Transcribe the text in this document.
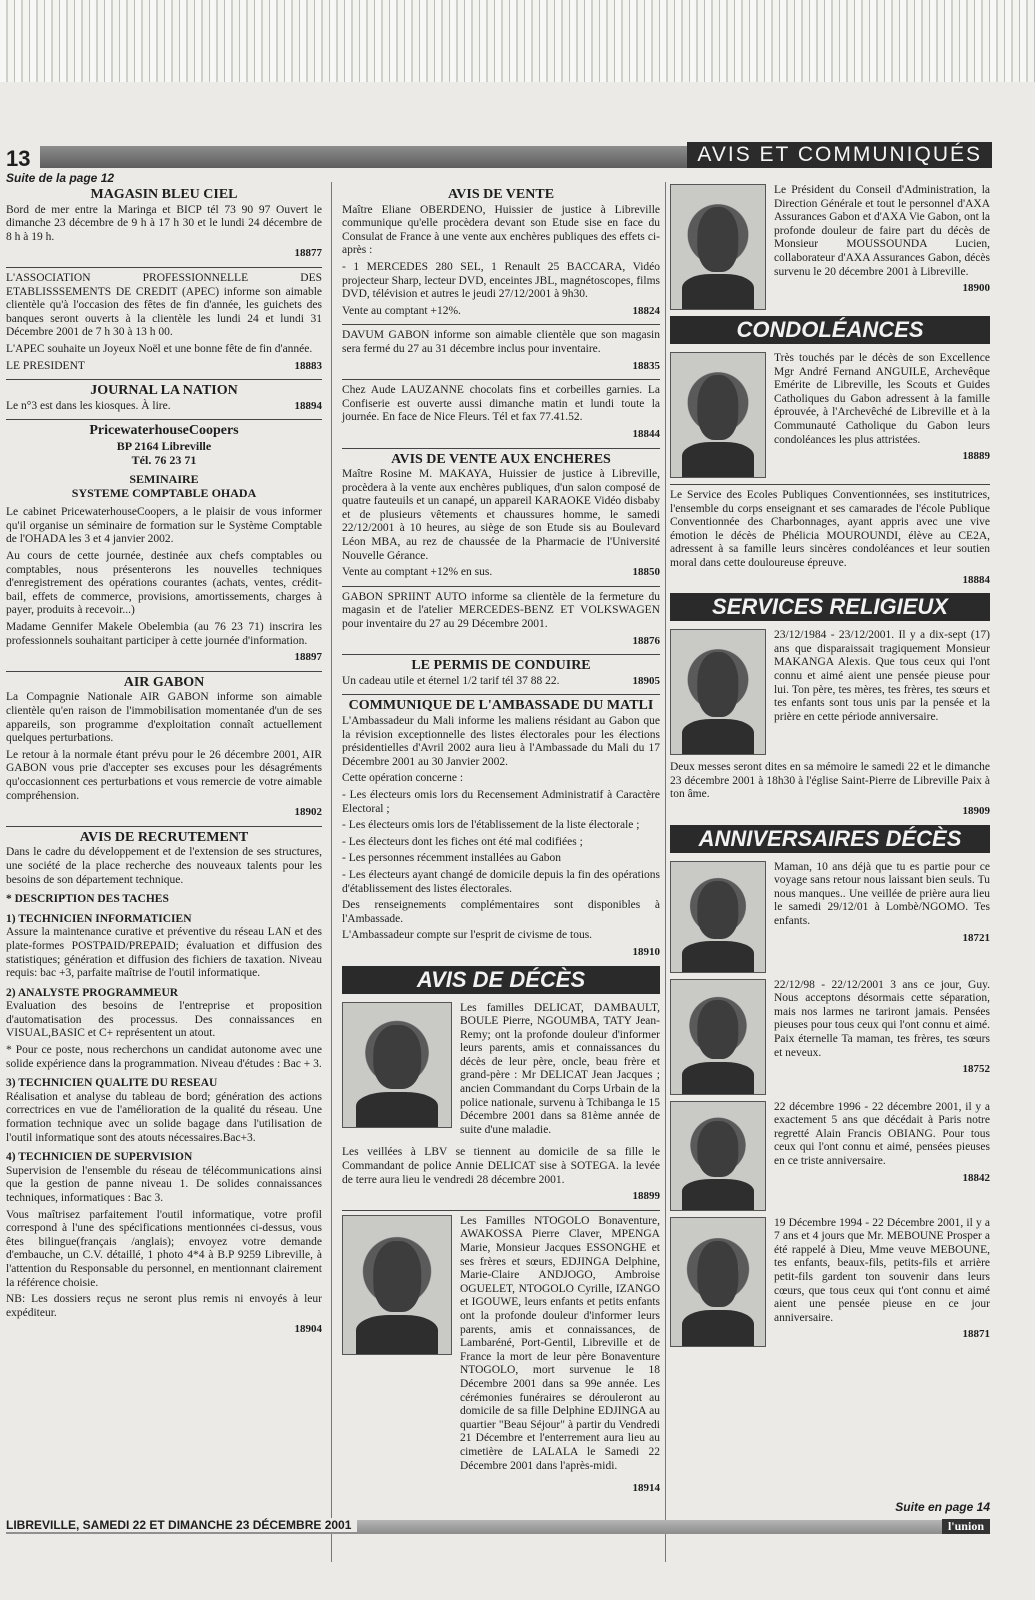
13	AVIS ET COMMUNIQUÉS
Suite de la page 12
MAGASIN BLEU CIEL

Bord de mer entre la Maringa et BICP tél 73 90 97 Ouvert le dimanche 23 décembre de 9 h à 17 h 30 et le lundi 24 décembre de 8 h à 19 h.

18877

L'ASSOCIATION PROFESSIONNELLE DES ETABLISSSEMENTS DE CREDIT (APEC) informe son aimable clientèle qu'à l'occasion des fêtes de fin d'année, les guichets des banques seront ouverts à la clientèle les lundi 24 et lundi 31 Décembre 2001 de 7 h 30 à 13 h 00.

L'APEC souhaite un Joyeux Noël et une bonne fête de fin d'année.

LE PRESIDENT	18883
JOURNAL LA NATION
Le n°3 est dans les kiosques. À lire.	18894
PricewaterhouseCoopers
BP 2164 Libreville
Tél. 76 23 71
SEMINAIRE
SYSTEME COMPTABLE OHADA

Le cabinet PricewaterhouseCoopers, a le plaisir de vous informer qu'il organise un séminaire de formation sur le Système Comptable de l'OHADA les 3 et 4 janvier 2002.

Au cours de cette journée, destinée aux chefs comptables ou comptables, nous présenterons les nouvelles techniques d'enregistrement des opérations courantes (achats, ventes, crédit-bail, effets de commerce, provisions, amortissements, charges à payer, produits à recevoir...)

Madame Gennifer Makele Obelembia (au 76 23 71) inscrira les professionnels souhaitant participer à cette journée d'information.

18897
AIR GABON

La Compagnie Nationale AIR GABON informe son aimable clientèle qu'en raison de l'immobilisation momentanée d'un de ses appareils, son programme d'exploitation connaît actuellement quelques perturbations.

Le retour à la normale étant prévu pour le 26 décembre 2001, AIR GABON vous prie d'accepter ses excuses pour les désagréments qu'occasionnent ces perturbations et vous remercie de votre aimable compréhension.

18902
AVIS DE RECRUTEMENT

Dans le cadre du développement et de l'extension de ses structures, une société de la place recherche des nouveaux talents pour les besoins de son département technique.

* DESCRIPTION DES TACHES
1) TECHNICIEN INFORMATICIEN

Assure la maintenance curative et préventive du réseau LAN et des plate-formes POSTPAID/PREPAID; évaluation et diffusion des statistiques; génération et diffusion des fichiers de taxation. Niveau requis: bac +3, parfaite maîtrise de l'outil informatique.

2) ANALYSTE PROGRAMMEUR

Evaluation des besoins de l'entreprise et proposition d'automatisation des processus. Des connaissances en VISUAL,BASIC et C+ représentent un atout.

* Pour ce poste, nous recherchons un candidat autonome avec une solide expérience dans la programmation. Niveau d'études : Bac + 3.

3) TECHNICIEN QUALITE DU RESEAU

Réalisation et analyse du tableau de bord; génération des actions correctrices en vue de l'amélioration de la qualité du réseau. Une formation technique avec un solide bagage dans l'utilisation de l'outil informatique sont des atouts nécessaires.Bac+3.

4) TECHNICIEN DE SUPERVISION

Supervision de l'ensemble du réseau de télécommunications ainsi que la gestion de panne niveau 1. De solides connaissances techniques, informatiques : Bac 3.

Vous maîtrisez parfaitement l'outil informatique, votre profil correspond à l'une des spécifications mentionnées ci-dessus, vous êtes bilingue(français /anglais); envoyez votre demande d'embauche, un C.V. détaillé, 1 photo 4*4 à B.P 9259 Libreville, à l'attention du Responsable du personnel, en mentionnant clairement la référence choisie.

NB: Les dossiers reçus ne seront plus remis ni envoyés à leur expéditeur.

18904
AVIS DE VENTE

Maître Eliane OBERDENO, Huissier de justice à Libreville communique qu'elle procèdera devant son Etude sise en face du Consulat de France à une vente aux enchères publiques des effets ci-après :

- 1 MERCEDES 280 SEL, 1 Renault 25 BACCARA, Vidéo projecteur Sharp, lecteur DVD, enceintes JBL, magnétoscopes, films DVD, télévision et autres le jeudi 27/12/2001 à 9h30.

Vente au comptant +12%.	18824

DAVUM GABON informe son aimable clientèle que son magasin sera fermé du 27 au 31 décembre inclus pour inventaire.

18835

Chez Aude LAUZANNE chocolats fins et corbeilles garnies. La Confiserie est ouverte aussi dimanche matin et lundi toute la journée. En face de Nice Fleurs. Tél et fax 77.41.52.

18844
AVIS DE VENTE AUX ENCHERES

Maître Rosine M. MAKAYA, Huissier de justice à Libreville, procèdera à la vente aux enchères publiques, d'un salon composé de quatre fauteuils et un canapé, un appareil KARAOKE Vidéo disbaby et de plusieurs vêtements et chaussures homme, le samedi 22/12/2001 à 10 heures, au siège de son Etude sis au Boulevard Léon MBA, au rez de chaussée de la Pharmacie de l'Université Nouvelle Gérance.

Vente au comptant +12% en sus.	18850

GABON SPRIINT AUTO informe sa clientèle de la fermeture du magasin et de l'atelier MERCEDES-BENZ ET VOLKSWAGEN pour inventaire du 27 au 29 Décembre 2001.

18876
LE PERMIS DE CONDUIRE
Un cadeau utile et éternel 1/2 tarif tél 37 88 22.	18905
COMMUNIQUE DE L'AMBASSADE DU MATLI

L'Ambassadeur du Mali informe les maliens résidant au Gabon que la révision exceptionnelle des listes électorales pour les élections présidentielles d'Avril 2002 aura lieu à l'Ambassade du Mali du 17 Décembre 2001 au 30 Janvier 2002.

Cette opération concerne :

- Les électeurs omis lors du Recensement Administratif à Caractère Electoral ;

- Les électeurs omis lors de l'établissement de la liste électorale ;

- Les électeurs dont les fiches ont été mal codifiées ;

- Les personnes récemment installées au Gabon

- Les électeurs ayant changé de domicile depuis la fin des opérations d'établissement des listes électorales.

Des renseignements complémentaires sont disponibles à l'Ambassade.

L'Ambassadeur compte sur l'esprit de civisme de tous.

18910
AVIS DE DÉCÈS

Les familles DELICAT, DAMBAULT, BOULE Pierre, NGOUMBA, TATY Jean-Remy; ont la profonde douleur d'informer leurs parents, amis et connaissances du décès de leur père, oncle, beau frère et grand-père : Mr DELICAT Jean Jacques ; ancien Commandant du Corps Urbain de la police nationale, survenu à Tchibanga le 15 Décembre 2001 dans sa 81ème année de suite d'une maladie.

Les veillées à LBV se tiennent au domicile de sa fille le Commandant de police Annie DELICAT sise à SOTEGA. la levée de terre aura lieu le vendredi 28 décembre 2001.

18899

Les Familles NTOGOLO Bonaventure, AWAKOSSA Pierre Claver, MPENGA Marie, Monsieur Jacques ESSONGHE et ses frères et sœurs, EDJINGA Delphine, Marie-Claire ANDJOGO, Ambroise OGUELET, NTOGOLO Cyrille, IZANGO et IGOUWE, leurs enfants et petits enfants ont la profonde douleur d'informer leurs parents, amis et connaissances, de Lambaréné, Port-Gentil, Libreville et de France la mort de leur père Bonaventure NTOGOLO, mort survenue le 18 Décembre 2001 dans sa 99e année. Les cérémonies funéraires se dérouleront au domicile de sa fille Delphine EDJINGA au quartier "Beau Séjour" à partir du Vendredi 21 Décembre et l'enterrement aura lieu au cimetière de LALALA le Samedi 22 Décembre 2001 dans l'après-midi.

18914

Le Président du Conseil d'Administration, la Direction Générale et tout le personnel d'AXA Assurances Gabon et d'AXA Vie Gabon, ont la profonde douleur de faire part du décès de Monsieur MOUSSOUNDA Lucien, collaborateur d'AXA Assurances Gabon, décès survenu le 20 décembre 2001 à Libreville.

18900
CONDOLÉANCES

Très touchés par le décès de son Excellence Mgr André Fernand ANGUILE, Archevêque Emérite de Libreville, les Scouts et Guides Catholiques du Gabon adressent à la famille éprouvée, à l'Archevêché de Libreville et à la Communauté Catholique du Gabon leurs condoléances les plus attristées.

18889

Le Service des Ecoles Publiques Conventionnées, ses institutrices, l'ensemble du corps enseignant et ses camarades de l'école Publique Conventionnée des Charbonnages, ayant appris avec une vive émotion le décès de Phélicia MOUROUNDI, élève au CE2A, adressent à sa famille leurs sincères condoléances et leur soutien moral dans cette douloureuse épreuve.

18884
SERVICES RELIGIEUX

23/12/1984 - 23/12/2001. Il y a dix-sept (17) ans que disparaissait tragiquement Monsieur MAKANGA Alexis. Que tous ceux qui l'ont connu et aimé aient une pensée pieuse pour lui. Ton père, tes mères, tes frères, tes sœurs et tes enfants sont tous unis par la pensée et la prière en cette période anniversaire.

Deux messes seront dites en sa mémoire le samedi 22 et le dimanche 23 décembre 2001 à 18h30 à l'église Saint-Pierre de Libreville Paix à ton âme.

18909
ANNIVERSAIRES DÉCÈS

Maman, 10 ans déjà que tu es partie pour ce voyage sans retour nous laissant bien seuls. Tu nous manques.. Une veillée de prière aura lieu le samedi 29/12/01 à Lombè/NGOMO. Tes enfants.

18721

22/12/98 - 22/12/2001 3 ans ce jour, Guy. Nous acceptons désormais cette séparation, mais nos larmes ne tariront jamais. Pensées pieuses pour tous ceux qui l'ont connu et aimé. Paix éternelle Ta maman, tes frères, tes sœurs et neveux.

18752

22 décembre 1996 - 22 décembre 2001, il y a exactement 5 ans que décédait à Paris notre regretté Alain Francis OBIANG. Pour tous ceux qui l'ont connu et aimé, pensées pieuses en ce triste anniversaire.

18842

19 Décembre 1994 - 22 Décembre 2001, il y a 7 ans et 4 jours que Mr. MEBOUNE Prosper a été rappelé à Dieu, Mme veuve MEBOUNE, tes enfants, beaux-fils, petits-fils et arrière petit-fils gardent ton souvenir dans leurs cœurs, que tous ceux qui t'ont connu et aimé aient une pensée pieuse en ce jour anniversaire.

18871
Suite en page 14
LIBREVILLE, SAMEDI 22 ET DIMANCHE 23 DÉCEMBRE 2001	l'union
